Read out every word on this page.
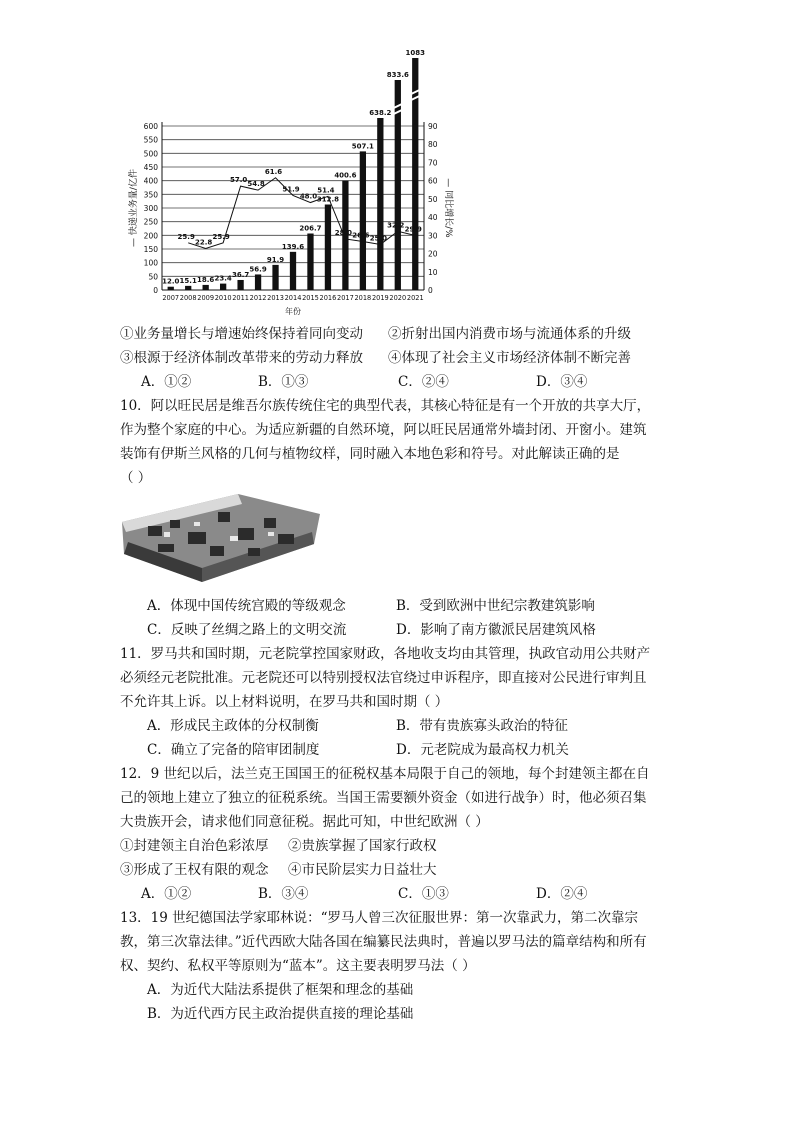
0
50
100
150
200
250
300
350
400
450
500
550
600
0
10
20
30
40
50
60
70
80
90
— 快递业务量/亿件	— 同比增长/%
年份
2007 2008 2009 2010 2011 2012 2013 2014 2015 2016 2017 2018 2019 2020 2021
12.0 15.1 18.6 23.4 36.7
56.9
91.9
139.6
206.7
312.8
400.6
507.1
638.2
833.6
1083
25.9
22.8
25.9
57.0
54.8
61.6
51.9
48.0
51.4
28.0 26.6 25.0
32.2
29.9
①业务量增长与增速始终保持着同向变动 ②折射出国内消费市场与流通体系的升级
③根源于经济体制改革带来的劳动力释放 ④体现了社会主义市场经济体制不断完善
A．①②	B．①③	C．②④	D．③④
10．阿以旺民居是维吾尔族传统住宅的典型代表，其核心特征是有一个开放的共享大厅，
作为整个家庭的中心。为适应新疆的自然环境，阿以旺民居通常外墙封闭、开窗小。建筑
装饰有伊斯兰风格的几何与植物纹样，同时融入本地色彩和符号。对此解读正确的是
（ ）
A．体现中国传统宫殿的等级观念	B．受到欧洲中世纪宗教建筑影响
C．反映了丝绸之路上的文明交流	D．影响了南方徽派民居建筑风格
11．罗马共和国时期，元老院掌控国家财政，各地收支均由其管理，执政官动用公共财产
必须经元老院批准。元老院还可以特别授权法官绕过申诉程序，即直接对公民进行审判且
不允许其上诉。以上材料说明，在罗马共和国时期（ ）
A．形成民主政体的分权制衡	B．带有贵族寡头政治的特征
C．确立了完备的陪审团制度	D．元老院成为最高权力机关
12．9 世纪以后，法兰克王国国王的征税权基本局限于自己的领地，每个封建领主都在自
己的领地上建立了独立的征税系统。当国王需要额外资金（如进行战争）时，他必须召集
大贵族开会，请求他们同意征税。据此可知，中世纪欧洲（ ）
①封建领主自治色彩浓厚 ②贵族掌握了国家行政权
③形成了王权有限的观念 ④市民阶层实力日益壮大
A．①②	B．③④	C．①③	D．②④
13．19 世纪德国法学家耶林说：“罗马人曾三次征服世界：第一次靠武力，第二次靠宗
教，第三次靠法律。”近代西欧大陆各国在编纂民法典时，普遍以罗马法的篇章结构和所有
权、契约、私权平等原则为“蓝本”。这主要表明罗马法（ ）
A．为近代大陆法系提供了框架和理念的基础
B．为近代西方民主政治提供直接的理论基础
